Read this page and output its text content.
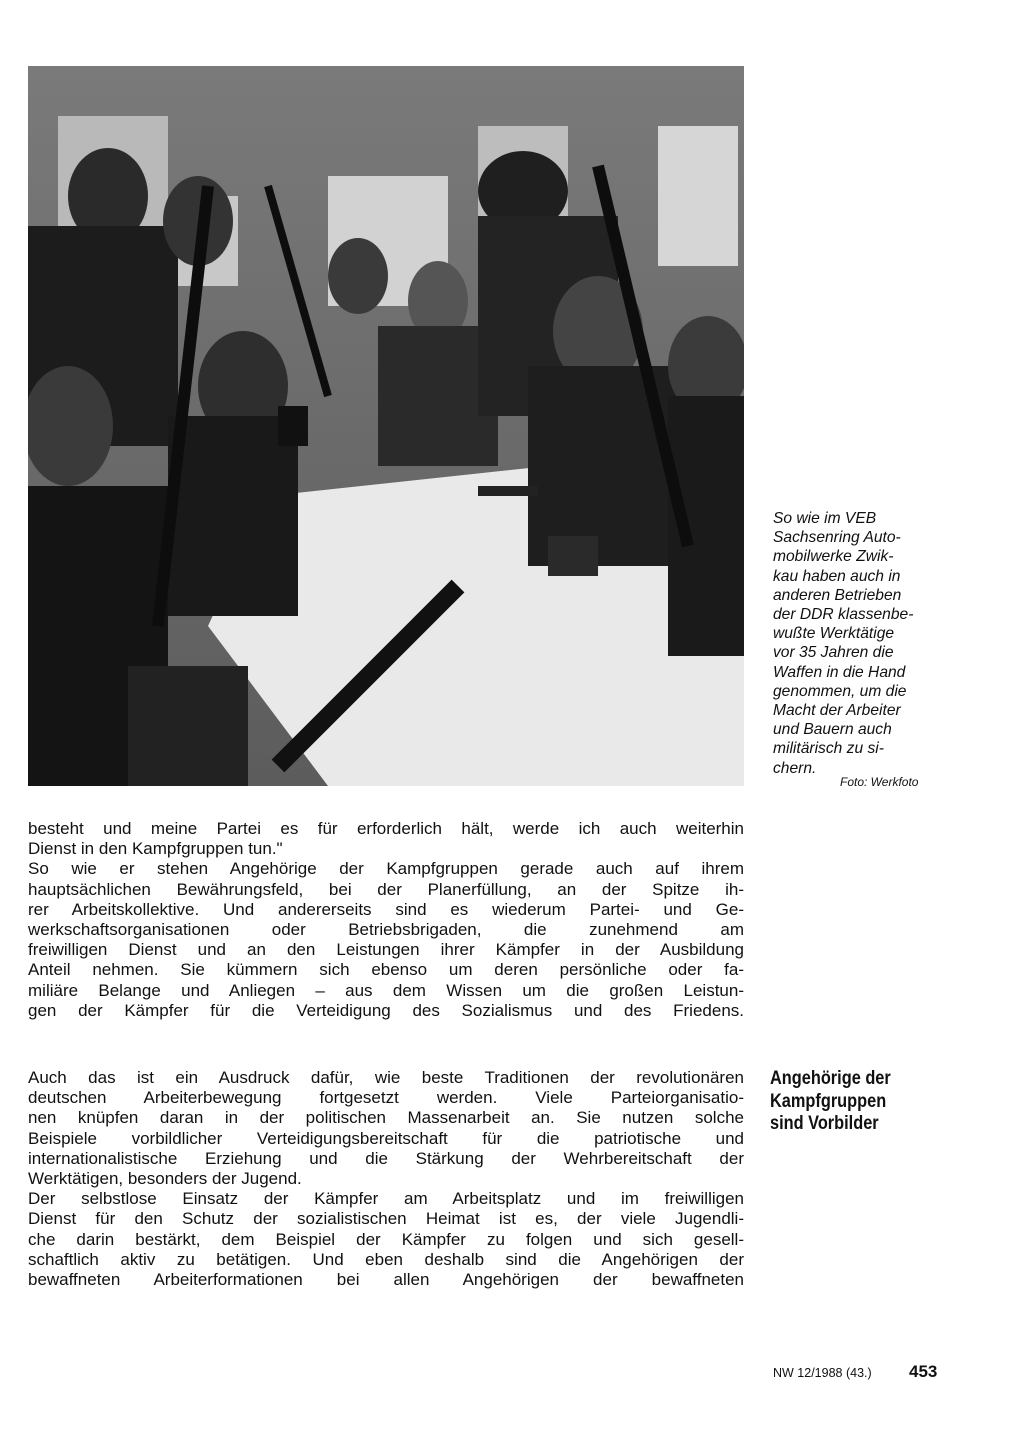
So wie im VEB
Sachsenring Auto-
mobilwerke Zwik-
kau haben auch in
anderen Betrieben
der DDR klassenbe-
wußte Werktätige
vor 35 Jahren die
Waffen in die Hand
genommen, um die
Macht der Arbeiter
und Bauern auch
militärisch zu si-
chern.
Foto: Werkfoto
besteht und meine Partei es für erforderlich hält, werde ich auch weiterhin
Dienst in den Kampfgruppen tun."
So wie er stehen Angehörige der Kampfgruppen gerade auch auf ihrem
hauptsächlichen Bewährungsfeld, bei der Planerfüllung, an der Spitze ih-
rer Arbeitskollektive. Und andererseits sind es wiederum Partei- und Ge-
werkschaftsorganisationen oder Betriebsbrigaden, die zunehmend am
freiwilligen Dienst und an den Leistungen ihrer Kämpfer in der Ausbildung
Anteil nehmen. Sie kümmern sich ebenso um deren persönliche oder fa-
miliäre Belange und Anliegen – aus dem Wissen um die großen Leistun-
gen der Kämpfer für die Verteidigung des Sozialismus und des Friedens.
Auch das ist ein Ausdruck dafür, wie beste Traditionen der revolutionären
deutschen Arbeiterbewegung fortgesetzt werden. Viele Parteiorganisatio-
nen knüpfen daran in der politischen Massenarbeit an. Sie nutzen solche
Beispiele vorbildlicher Verteidigungsbereitschaft für die patriotische und
internationalistische Erziehung und die Stärkung der Wehrbereitschaft der
Werktätigen, besonders der Jugend.
Der selbstlose Einsatz der Kämpfer am Arbeitsplatz und im freiwilligen
Dienst für den Schutz der sozialistischen Heimat ist es, der viele Jugendli-
che darin bestärkt, dem Beispiel der Kämpfer zu folgen und sich gesell-
schaftlich aktiv zu betätigen. Und eben deshalb sind die Angehörigen der
bewaffneten Arbeiterformationen bei allen Angehörigen der bewaffneten
Angehörige der
Kampfgruppen
sind Vorbilder
NW 12/1988 (43.) 453
